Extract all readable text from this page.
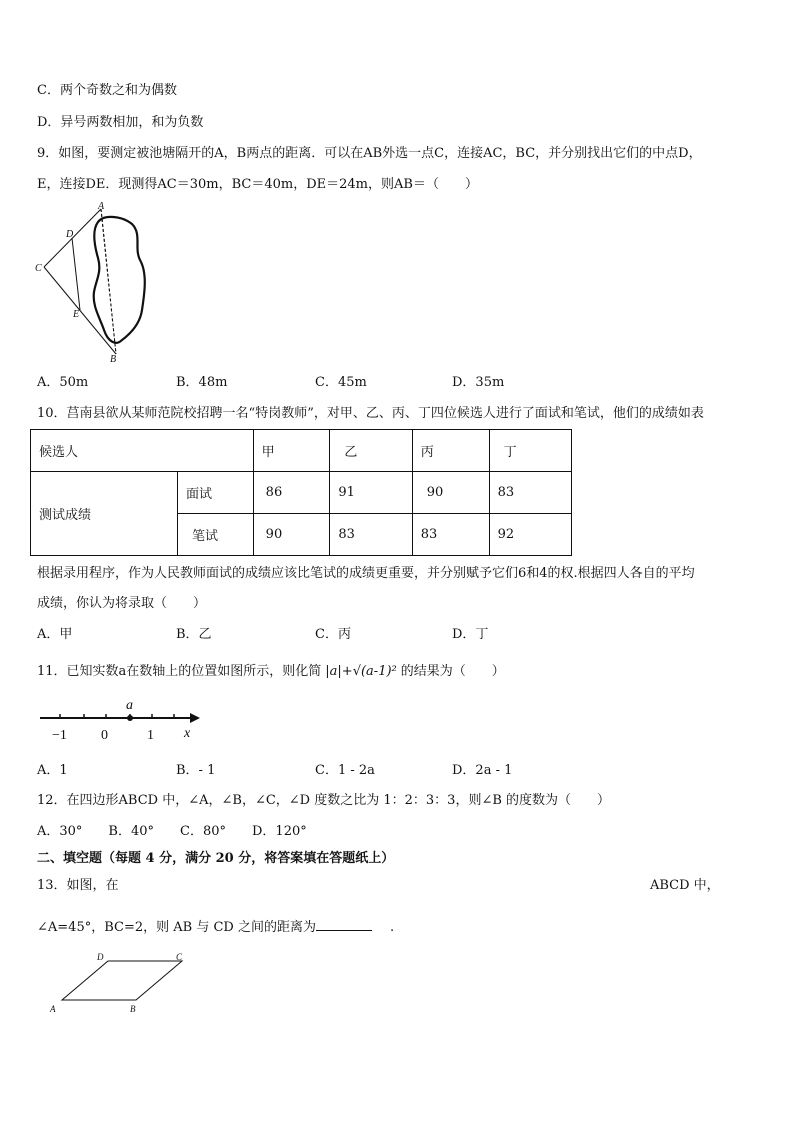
C．两个奇数之和为偶数
D．异号两数相加，和为负数
9．如图，要测定被池塘隔开的A，B两点的距离．可以在AB外选一点C，连接AC，BC，并分别找出它们的中点D，
E，连接DE．现测得AC＝30m，BC＝40m，DE＝24m，则AB＝（　　）
A
B
C
D
E
A．50m	B．48m	C．45m	D．35m
10．莒南县欲从某师范院校招聘一名“特岗教师”，对甲、乙、丙、丁四位候选人进行了面试和笔试，他们的成绩如表
候选人		甲	乙	丙	丁
测试成绩	面试	86	91	90	83
	笔试	90	83	83	92
根据录用程序，作为人民教师面试的成绩应该比笔试的成绩更重要，并分别赋予它们6和4的权.根据四人各自的平均
成绩，你认为将录取（　　）
A．甲	B．乙	C．丙	D．丁
11．已知实数a在数轴上的位置如图所示，则化简 |a|+√(a-1)² 的结果为（　　）
a
−1 0	1 x
A．1	B．- 1	C．1 - 2a	D．2a - 1
12．在四边形ABCD 中，∠A，∠B，∠C，∠D 度数之比为 1：2：3：3，则∠B 的度数为（　　）
A．30°　　B．40°　　C．80°　　D．120°
二、填空题（每题 4 分，满分 20 分，将答案填在答题纸上）
13．如图，在	ABCD 中，
∠A=45°，BC=2，则 AB 与 CD 之间的距离为	.
A	B
C
D
